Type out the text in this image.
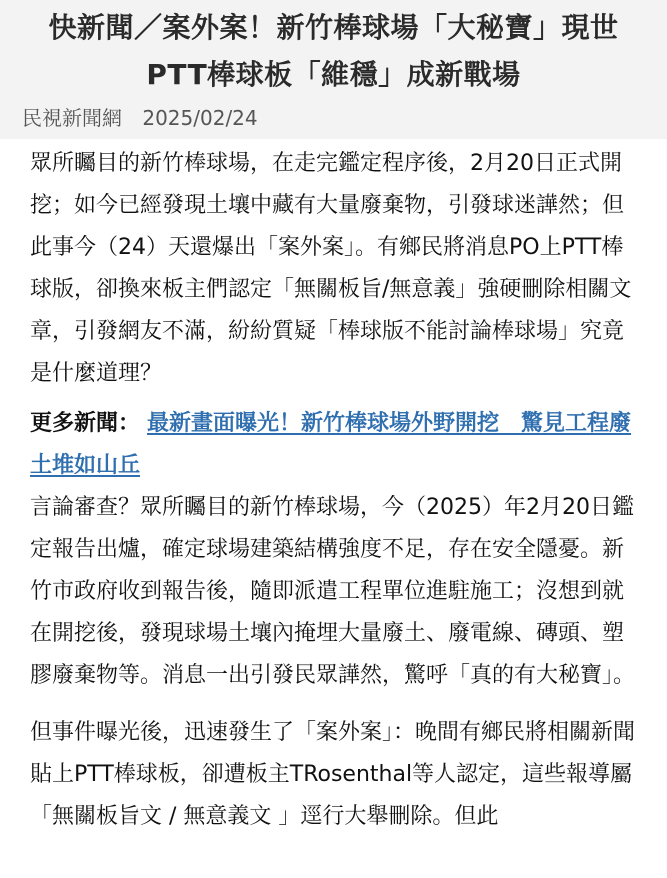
快新聞／案外案！新竹棒球場「大秘寶」現世
PTT棒球板「維穩」成新戰場
民視新聞網 2025/02/24

眾所矚目的新竹棒球場，在走完鑑定程序後，2月20日正式開挖；如今已經發現土壤中藏有大量廢棄物，引發球迷譁然；但此事今（24）天還爆出「案外案」。有鄉民將消息PO上PTT棒球版，卻換來板主們認定「無關板旨/無意義」強硬刪除相關文章，引發網友不滿，紛紛質疑「棒球版不能討論棒球場」究竟是什麼道理？

更多新聞： 最新畫面曝光！新竹棒球場外野開挖　驚見工程廢土堆如山丘

言論審查？眾所矚目的新竹棒球場，今（2025）年2月20日鑑定報告出爐，確定球場建築結構強度不足，存在安全隱憂。新竹市政府收到報告後，隨即派遣工程單位進駐施工；沒想到就在開挖後，發現球場土壤內掩埋大量廢土、廢電線、磚頭、塑膠廢棄物等。消息一出引發民眾譁然，驚呼「真的有大秘寶」。

但事件曝光後，迅速發生了「案外案」：晚間有鄉民將相關新聞貼上PTT棒球板，卻遭板主TRosenthal等人認定，這些報導屬「無關板旨文 / 無意義文 」逕行大舉刪除。但此
